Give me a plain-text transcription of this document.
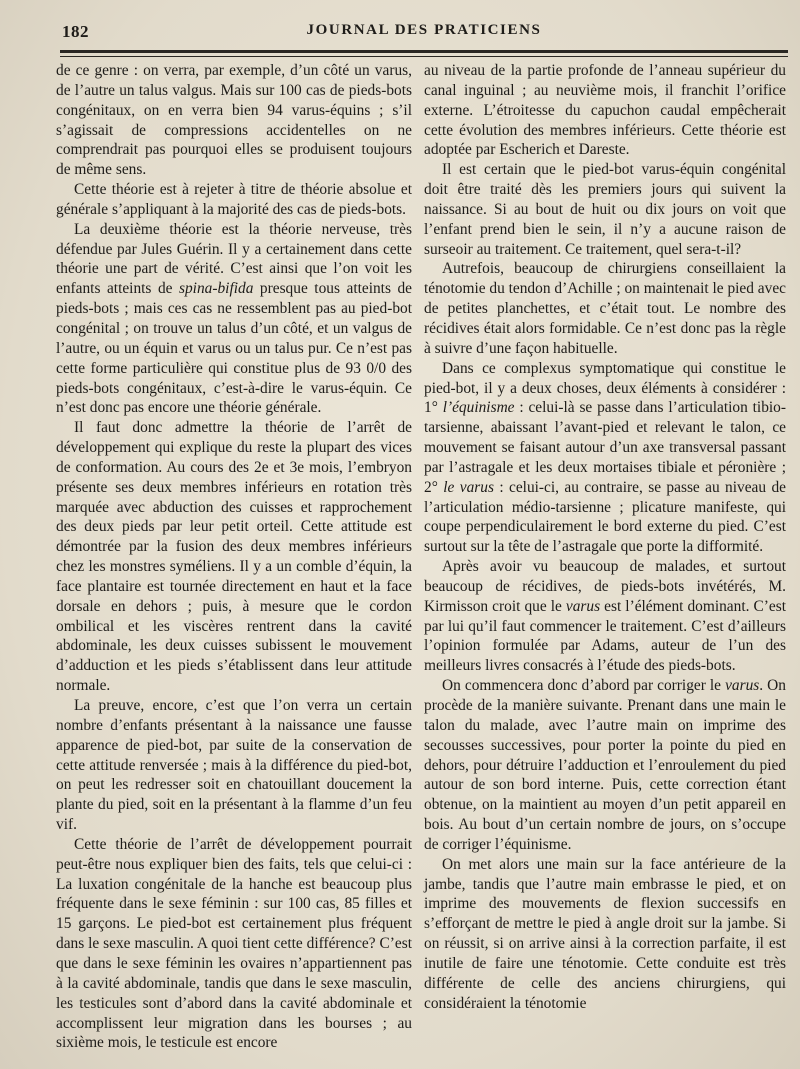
182	JOURNAL DES PRATICIENS

de ce genre : on verra, par exemple, d’un côté un varus, de l’autre un talus valgus. Mais sur 100 cas de pieds-bots congénitaux, on en verra bien 94 varus-équins ; s’il s’agissait de compressions accidentelles on ne comprendrait pas pourquoi elles se produisent toujours de même sens.

Cette théorie est à rejeter à titre de théorie absolue et générale s’appliquant à la majorité des cas de pieds-bots.

La deuxième théorie est la théorie nerveuse, très défendue par Jules Guérin. Il y a certainement dans cette théorie une part de vérité. C’est ainsi que l’on voit les enfants atteints de spina-bifida presque tous atteints de pieds-bots ; mais ces cas ne ressemblent pas au pied-bot congénital ; on trouve un talus d’un côté, et un valgus de l’autre, ou un équin et varus ou un talus pur. Ce n’est pas cette forme particulière qui constitue plus de 93 0/0 des pieds-bots congénitaux, c’est-à-dire le varus-équin. Ce n’est donc pas encore une théorie générale.

Il faut donc admettre la théorie de l’arrêt de développement qui explique du reste la plupart des vices de conformation. Au cours des 2e et 3e mois, l’embryon présente ses deux membres inférieurs en rotation très marquée avec abduction des cuisses et rapprochement des deux pieds par leur petit orteil. Cette attitude est démontrée par la fusion des deux membres inférieurs chez les monstres syméliens. Il y a un comble d’équin, la face plantaire est tournée directement en haut et la face dorsale en dehors ; puis, à mesure que le cordon ombilical et les viscères rentrent dans la cavité abdominale, les deux cuisses subissent le mouvement d’adduction et les pieds s’établissent dans leur attitude normale.

La preuve, encore, c’est que l’on verra un certain nombre d’enfants présentant à la naissance une fausse apparence de pied-bot, par suite de la conservation de cette attitude renversée ; mais à la différence du pied-bot, on peut les redresser soit en chatouillant doucement la plante du pied, soit en la présentant à la flamme d’un feu vif.

Cette théorie de l’arrêt de développement pourrait peut-être nous expliquer bien des faits, tels que celui-ci : La luxation congénitale de la hanche est beaucoup plus fréquente dans le sexe féminin : sur 100 cas, 85 filles et 15 garçons. Le pied-bot est certainement plus fréquent dans le sexe masculin. A quoi tient cette différence? C’est que dans le sexe féminin les ovaires n’appartiennent pas à la cavité abdominale, tandis que dans le sexe masculin, les testicules sont d’abord dans la cavité abdominale et accomplissent leur migration dans les bourses ; au sixième mois, le testicule est encore

au niveau de la partie profonde de l’anneau supérieur du canal inguinal ; au neuvième mois, il franchit l’orifice externe. L’étroitesse du capuchon caudal empêcherait cette évolution des membres inférieurs. Cette théorie est adoptée par Escherich et Dareste.

Il est certain que le pied-bot varus-équin congénital doit être traité dès les premiers jours qui suivent la naissance. Si au bout de huit ou dix jours on voit que l’enfant prend bien le sein, il n’y a aucune raison de surseoir au traitement. Ce traitement, quel sera-t-il?

Autrefois, beaucoup de chirurgiens conseillaient la ténotomie du tendon d’Achille ; on maintenait le pied avec de petites planchettes, et c’était tout. Le nombre des récidives était alors formidable. Ce n’est donc pas la règle à suivre d’une façon habituelle.

Dans ce complexus symptomatique qui constitue le pied-bot, il y a deux choses, deux éléments à considérer : 1° l’équinisme : celui-là se passe dans l’articulation tibio-tarsienne, abaissant l’avant-pied et relevant le talon, ce mouvement se faisant autour d’un axe transversal passant par l’astragale et les deux mortaises tibiale et péronière ; 2° le varus : celui-ci, au contraire, se passe au niveau de l’articulation médio-tarsienne ; plicature manifeste, qui coupe perpendiculairement le bord externe du pied. C’est surtout sur la tête de l’astragale que porte la difformité.

Après avoir vu beaucoup de malades, et surtout beaucoup de récidives, de pieds-bots invétérés, M. Kirmisson croit que le varus est l’élément dominant. C’est par lui qu’il faut commencer le traitement. C’est d’ailleurs l’opinion formulée par Adams, auteur de l’un des meilleurs livres consacrés à l’étude des pieds-bots.

On commencera donc d’abord par corriger le varus. On procède de la manière suivante. Prenant dans une main le talon du malade, avec l’autre main on imprime des secousses successives, pour porter la pointe du pied en dehors, pour détruire l’adduction et l’enroulement du pied autour de son bord interne. Puis, cette correction étant obtenue, on la maintient au moyen d’un petit appareil en bois. Au bout d’un certain nombre de jours, on s’occupe de corriger l’équinisme.

On met alors une main sur la face antérieure de la jambe, tandis que l’autre main embrasse le pied, et on imprime des mouvements de flexion successifs en s’efforçant de mettre le pied à angle droit sur la jambe. Si on réussit, si on arrive ainsi à la correction parfaite, il est inutile de faire une ténotomie. Cette conduite est très différente de celle des anciens chirurgiens, qui considéraient la ténotomie
